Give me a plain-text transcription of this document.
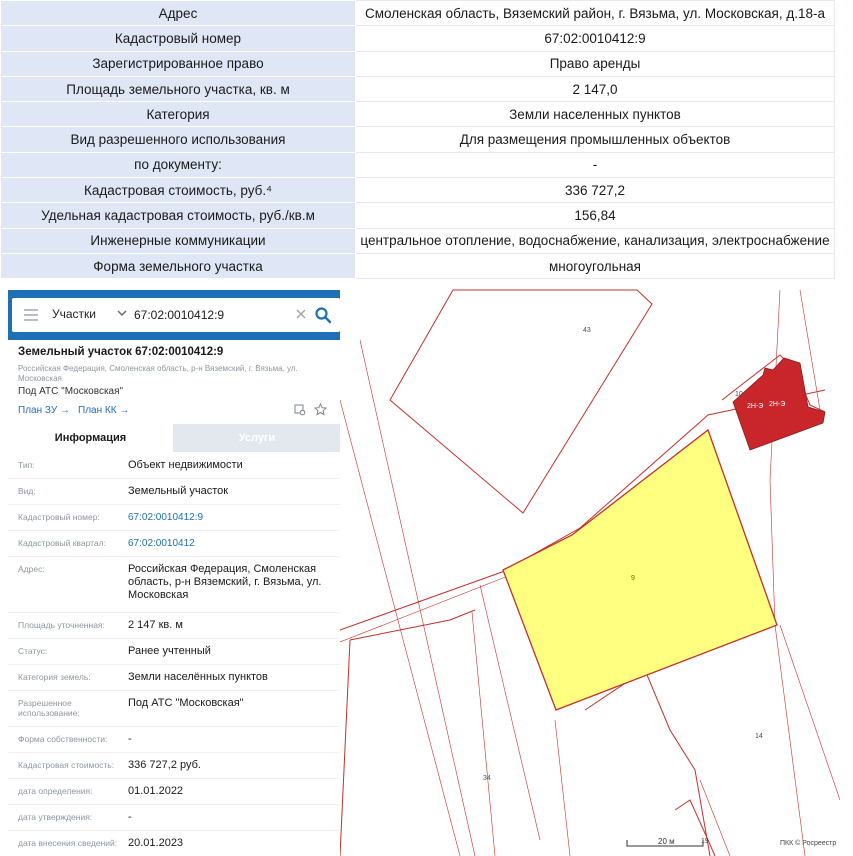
Адрес	Смоленская область, Вяземский район, г. Вязьма, ул. Московская, д.18-а
Кадастровый номер	67:02:0010412:9
Зарегистрированное право	Право аренды
Площадь земельного участка, кв. м	2 147,0
Категория	Земли населенных пунктов
Вид разрешенного использования	Для размещения промышленных объектов
по документу:	-
Кадастровая стоимость, руб.⁴	336 727,2
Удельная кадастровая стоимость, руб./кв.м	156,84
Инженерные коммуникации	центральное отопление, водоснабжение, канализация, электроснабжение
Форма земельного участка	многоугольная
Участки
67:02:0010412:9
Земельный участок 67:02:0010412:9
Российская Федерация, Смоленская область, р-н Вяземский, г. Вязьма, ул. Московская
Под АТС "Московская"
План ЗУ → План КК →
Информация	Услуги
Тип:	Объект недвижимости
Вид:	Земельный участок
Кадастровый номер:	67:02:0010412:9
Кадастровый квартал:	67:02:0010412
Адрес:	Российская Федерация, Смоленская область, р-н Вяземский, г. Вязьма, ул. Московская
Площадь уточненная:	2 147 кв. м
Статус:	Ранее учтенный
Категория земель:	Земли населённых пунктов
Разрешенное использование:
Под АТС "Московская"
Форма собственности:	-
Кадастровая стоимость:	336 727,2 руб.
дата определения:	01.01.2022
дата утверждения:	-
дата внесения сведений: 20.01.2023
43
9
10
2Н-Э 2Н-Э
14
34
19
20 м	ПКК © Росреестр
